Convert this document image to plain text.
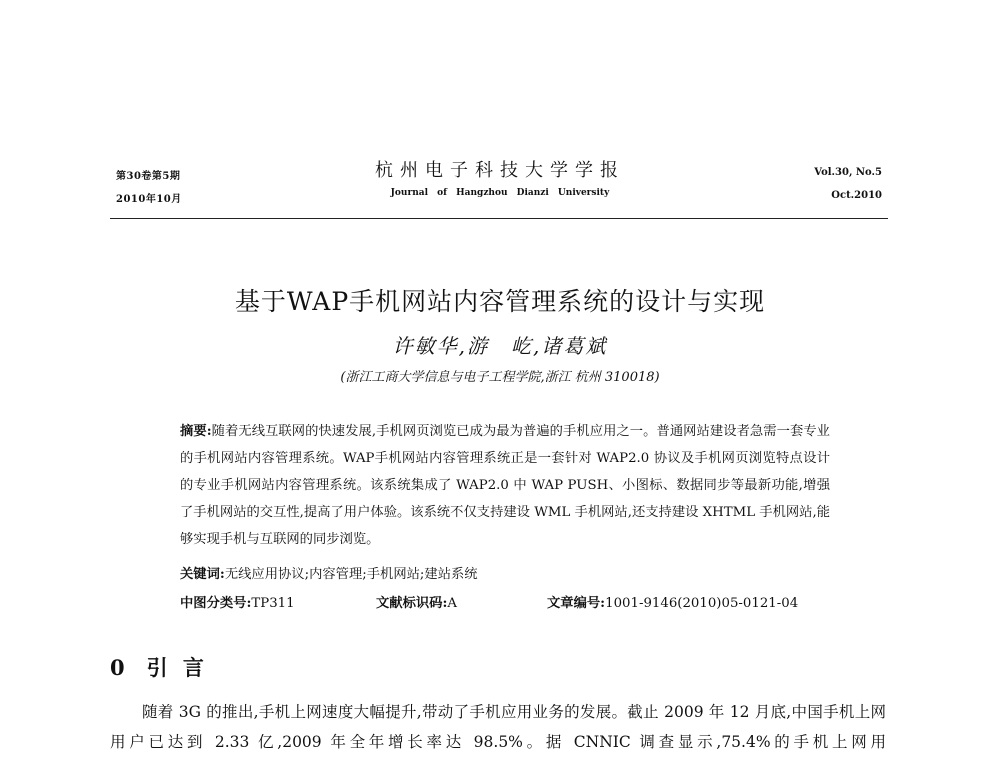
第30卷第5期
2010年10月
杭州电子科技大学学报
Journal of Hangzhou Dianzi University
Vol.30, No.5
Oct.2010
基于WAP手机网站内容管理系统的设计与实现
许敏华,游　屹,诸葛斌
(浙江工商大学信息与电子工程学院,浙江 杭州 310018)
摘要:随着无线互联网的快速发展,手机网页浏览已成为最为普遍的手机应用之一。普通网站建设者急需一套专业的手机网站内容管理系统。WAP手机网站内容管理系统正是一套针对 WAP2.0 协议及手机网页浏览特点设计的专业手机网站内容管理系统。该系统集成了 WAP2.0 中 WAP PUSH、小图标、数据同步等最新功能,增强了手机网站的交互性,提高了用户体验。该系统不仅支持建设 WML 手机网站,还支持建设 XHTML 手机网站,能够实现手机与互联网的同步浏览。
关键词:无线应用协议;内容管理;手机网站;建站系统
中图分类号:TP311	文献标识码:A	文章编号:1001-9146(2010)05-0121-04
0 引 言
随着 3G 的推出,手机上网速度大幅提升,带动了手机应用业务的发展。截止 2009 年 12 月底,中国手机上网用户已达到 2.33 亿,2009 年全年增长率达 98.5%。据 CNNIC 调查显示,75.4%的手机上网用
